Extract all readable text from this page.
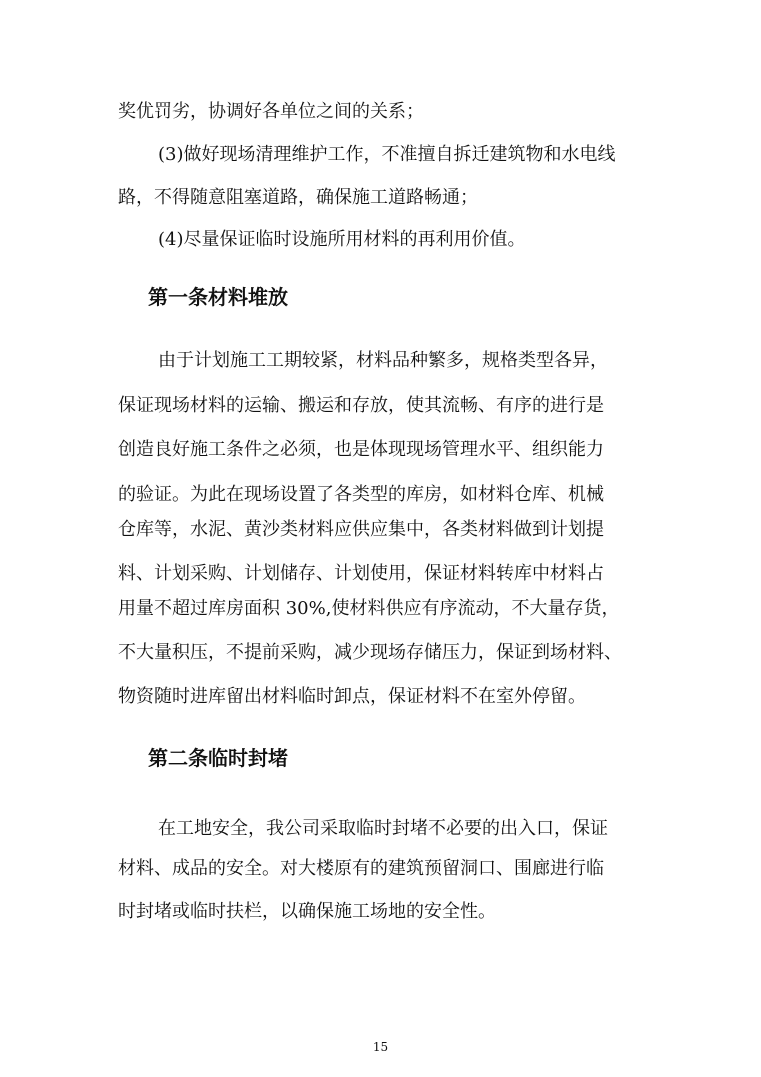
奖优罚劣，协调好各单位之间的关系；
(3)做好现场清理维护工作，不准擅自拆迁建筑物和水电线
路，不得随意阻塞道路，确保施工道路畅通；
(4)尽量保证临时设施所用材料的再利用价值。
第一条材料堆放
由于计划施工工期较紧，材料品种繁多，规格类型各异，
保证现场材料的运输、搬运和存放，使其流畅、有序的进行是
创造良好施工条件之必须，也是体现现场管理水平、组织能力
的验证。为此在现场设置了各类型的库房，如材料仓库、机械
仓库等，水泥、黄沙类材料应供应集中，各类材料做到计划提
料、计划采购、计划储存、计划使用，保证材料转库中材料占
用量不超过库房面积 30%,使材料供应有序流动，不大量存货，
不大量积压，不提前采购，减少现场存储压力，保证到场材料、
物资随时进库留出材料临时卸点，保证材料不在室外停留。
第二条临时封堵
在工地安全，我公司采取临时封堵不必要的出入口，保证
材料、成品的安全。对大楼原有的建筑预留洞口、围廊进行临
时封堵或临时扶栏，以确保施工场地的安全性。
15
